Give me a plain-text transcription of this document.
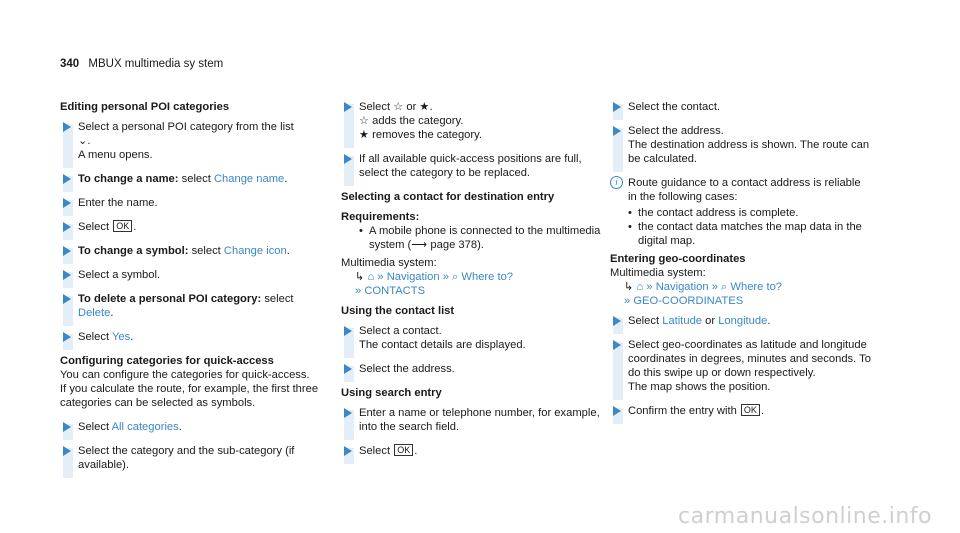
340 MBUX multimedia sy stem
Editing personal POI categories
Select a personal POI category from the list
⌄.
A menu opens.
To change a name: select Change name.
Enter the name.
Select OK .
To change a symbol: select Change icon.
Select a symbol.
To delete a personal POI category: select
Delete.
Select Yes.
Configuring categories for quick-access
You can configure the categories for quick-access.
If you calculate the route, for example, the first three categories can be selected as symbols.
Select All categories.
Select the category and the sub-category (if available).
Select ☆ or ★.
☆ adds the category.
★ removes the category.
If all available quick-access positions are full, select the category to be replaced.
Selecting a contact for destination entry
Requirements:
• A mobile phone is connected to the multimedia system (⟶ page 378).
Multimedia system:
↳ ⌂ » Navigation » ⌕ Where to?
» CONTACTS
Using the contact list
Select a contact.
The contact details are displayed.
Select the address.
Using search entry
Enter a name or telephone number, for example, into the search field.
Select OK .
Select the contact.
Select the address.
The destination address is shown. The route can be calculated.
i Route guidance to a contact address is reliable in the following cases:
• the contact address is complete.
• the contact data matches the map data in the digital map.
Entering geo-coordinates
Multimedia system:
↳ ⌂ » Navigation » ⌕ Where to?
» GEO-COORDINATES
Select Latitude or Longitude.
Select geo-coordinates as latitude and longitude coordinates in degrees, minutes and seconds. To do this swipe up or down respectively.
The map shows the position.
Confirm the entry with OK .
carmanualsonline.info
